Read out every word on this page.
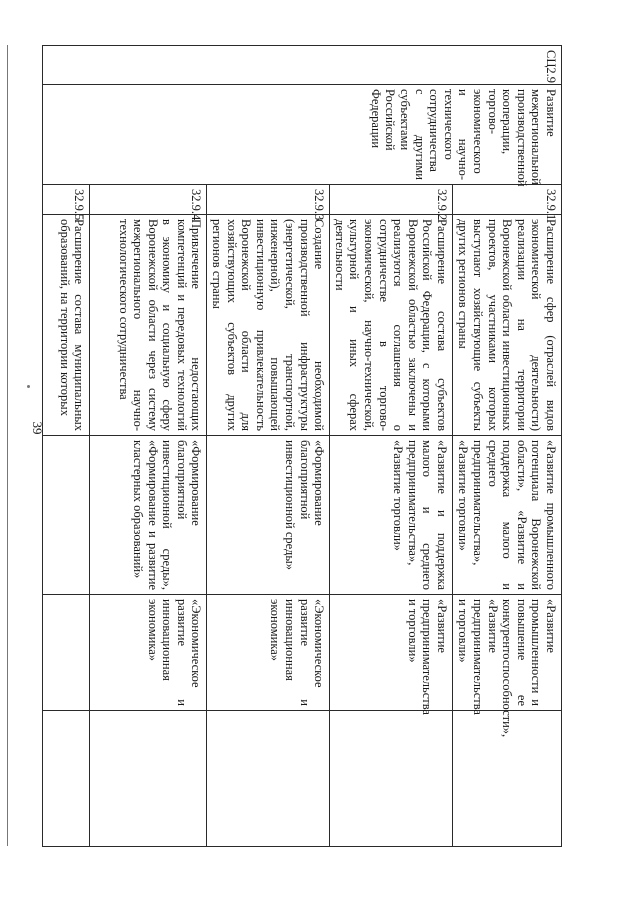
39
СЦ2.9	Развитие межрегиональной производственной кооперации, торгово-экономического и научно-технического сотрудничества с другими субъектами Российской Федерации	32.9.1	Расширение сфер (отраслей видов экономической деятельности) реализации на территории Воронежской области инвестиционных проектов, участниками которых выступают хозяйствующие субъекты других регионов страны	«Развитие промышленного потенциала Воронежской области», «Развитие и поддержка малого и среднего предпринимательства», «Развитие торговли»	«Развитие промышленности и повышение ее конкурентоспособности», «Развитие предпринимательства и торговли»	
		32.9.2	Расширение состава субъектов Российской Федерации, с которыми Воронежской областью заключены и реализуются соглашения о сотрудничестве в торгово-экономической, научно-технической, культурной и иных сферах деятельности	«Развитие и поддержка малого и среднего предпринимательства», «Развитие торговли»	«Развитие предпринимательства и торговли»	
		32.9.3	Создание необходимой производственной инфраструктуры (энергетической, транспортной, инженерной), повышающей инвестиционную привлекательность Воронежской области для хозяйствующих субъектов других регионов страны	«Формирование благоприятной инвестиционной среды»	«Экономическое развитие и инновационная экономика»	
		32.9.4	Привлечение недостающих компетенций и передовых технологий в экономику и социальную сферу Воронежской области через систему межрегионального научно-технологического сотрудничества	«Формирование благоприятной инвестиционной среды», «Формирование и развитие кластерных образований»	«Экономическое развитие и инновационная экономика»	
		32.9.5	Расширение состава муниципальных образований, на территории которых			
